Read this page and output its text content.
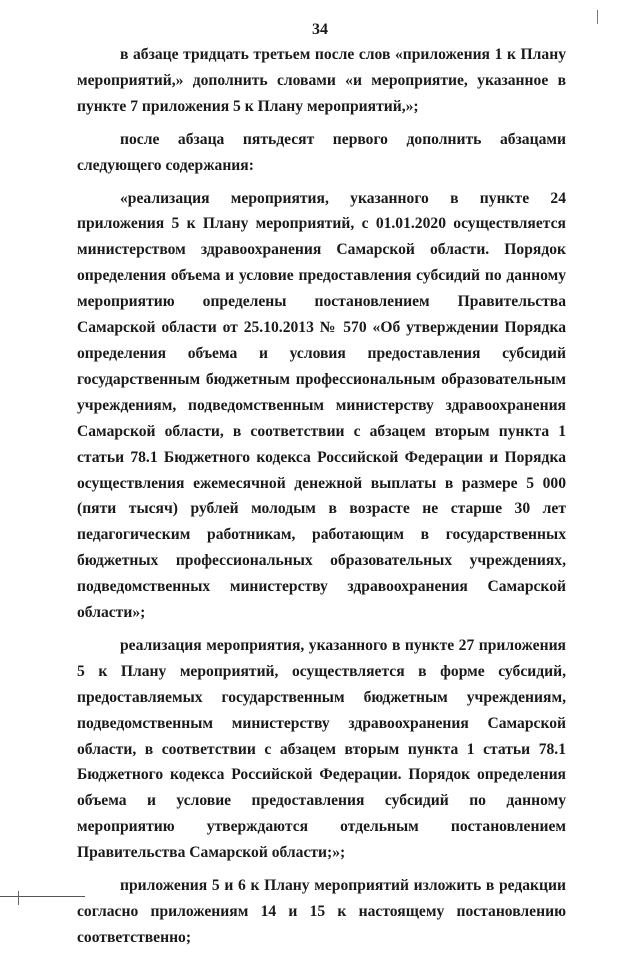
34

в абзаце тридцать третьем после слов «приложения 1 к Плану мероприятий,» дополнить словами «и мероприятие, указанное в пункте 7 приложения 5 к Плану мероприятий,»;

после абзаца пятьдесят первого дополнить абзацами следующего содержания:

«реализация мероприятия, указанного в пункте 24 приложения 5 к Плану мероприятий, с 01.01.2020 осуществляется министерством здравоохранения Самарской области. Порядок определения объема и условие предоставления субсидий по данному мероприятию определены постановлением Правительства Самарской области от 25.10.2013 № 570 «Об утверждении Порядка определения объема и условия предоставления субсидий государственным бюджетным профессиональным образовательным учреждениям, подведомственным министерству здравоохранения Самарской области, в соответствии с абзацем вторым пункта 1 статьи 78.1 Бюджетного кодекса Российской Федерации и Порядка осуществления ежемесячной денежной выплаты в размере 5 000 (пяти тысяч) рублей молодым в возрасте не старше 30 лет педагогическим работникам, работающим в государственных бюджетных профессиональных образовательных учреждениях, подведомственных министерству здравоохранения Самарской области»;

реализация мероприятия, указанного в пункте 27 приложения 5 к Плану мероприятий, осуществляется в форме субсидий, предоставляемых государственным бюджетным учреждениям, подведомственным министерству здравоохранения Самарской области, в соответствии с абзацем вторым пункта 1 статьи 78.1 Бюджетного кодекса Российской Федерации. Порядок определения объема и условие предоставления субсидий по данному мероприятию утверждаются отдельным постановлением Правительства Самарской области;»;

приложения 5 и 6 к Плану мероприятий изложить в редакции согласно приложениям 14 и 15 к настоящему постановлению соответственно;
